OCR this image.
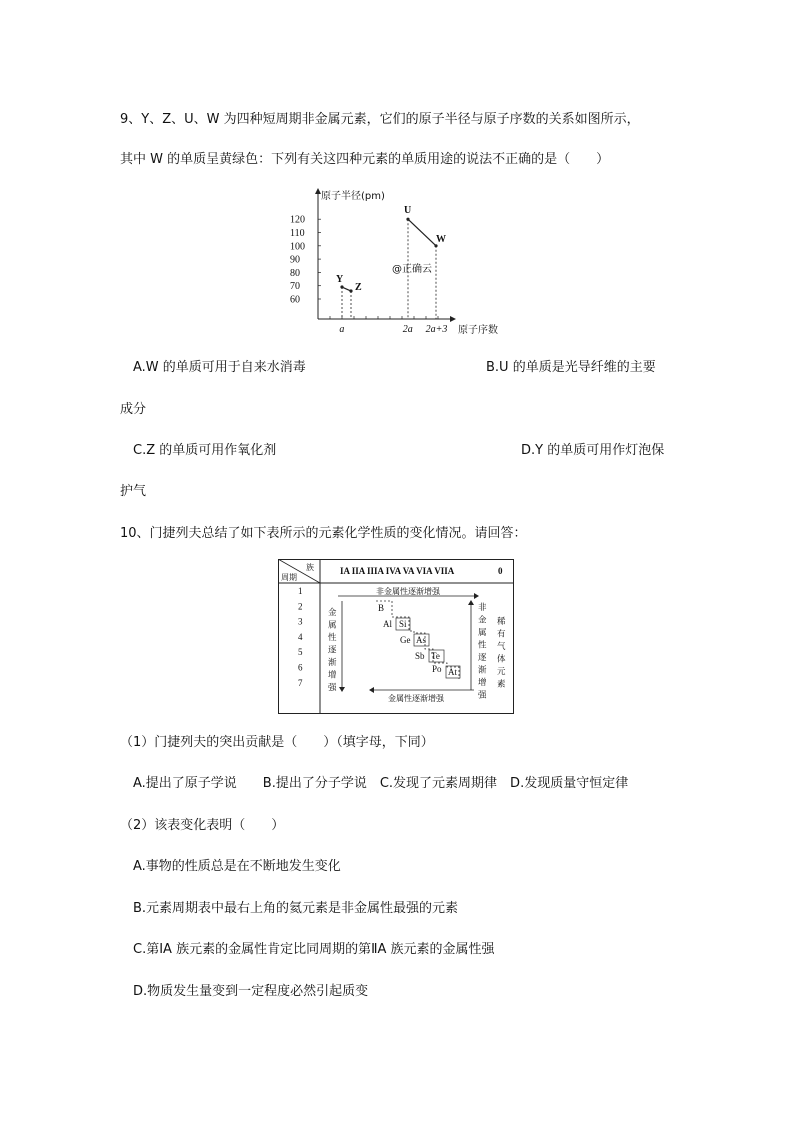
9、Y、Z、U、W 为四种短周期非金属元素，它们的原子半径与原子序数的关系如图所示，
其中 W 的单质呈黄绿色：下列有关这四种元素的单质用途的说法不正确的是（　　）
原子半径(pm)
原子序数
120
110
100
90
80
70
60
a	2a 2a+3
Y
Z
U
W
@正确云
A.W 的单质可用于自来水消毒	B.U 的单质是光导纤维的主要
成分
C.Z 的单质可用作氧化剂	D.Y 的单质可用作灯泡保
护气
10、门捷列夫总结了如下表所示的元素化学性质的变化情况。请回答：
族
周期
IA IIA IIIA IVA VA VIA VIIA	0
1
2
3
4
5
6
7
非金属性逐渐增强
金属性逐渐增强
金
属
性
逐
渐
增
强
非
金
属
性
逐
渐
增
强
稀
有
气
体
元
素
B
Al Si
Ge As
Sb Te
Po At
（1）门捷列夫的突出贡献是（　　）（填字母，下同）
A.提出了原子学说　　B.提出了分子学说　C.发现了元素周期律　D.发现质量守恒定律
（2）该表变化表明（　　）
A.事物的性质总是在不断地发生变化
B.元素周期表中最右上角的氦元素是非金属性最强的元素
C.第ⅠA 族元素的金属性肯定比同周期的第ⅡA 族元素的金属性强
D.物质发生量变到一定程度必然引起质变
